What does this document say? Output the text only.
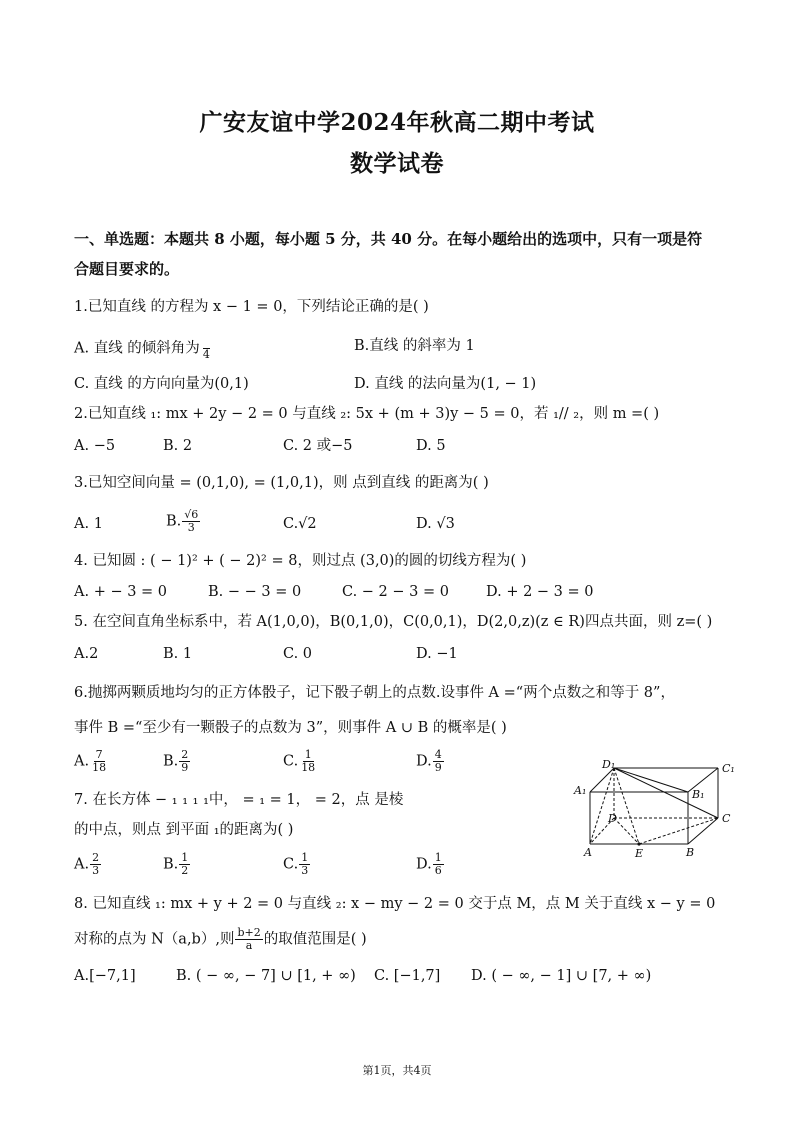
广安友谊中学2024年秋高二期中考试
数学试卷
一、单选题：本题共 8 小题，每小题 5 分，共 40 分。在每小题给出的选项中，只有一项是符
合题目要求的。
1.已知直线 的方程为 x − 1 = 0，下列结论正确的是( )
A. 直线 的倾斜角为
4
B.直线 的斜率为 1
C. 直线 的方向向量为(0,1)	D. 直线 的法向量为(1, − 1)
2.已知直线 ₁: mx + 2y − 2 = 0 与直线 ₂: 5x + (m + 3)y − 5 = 0，若 ₁// ₂，则 m =( )
A. −5	B. 2	C. 2 或−5	D. 5
3.已知空间向量 = (0,1,0), = (1,0,1)，则 点到直线 的距离为( )
A. 1	B. $\frac{√6}{3}$	C.√2	D. √3
4. 已知圆 : ( − 1)² + ( − 2)² = 8，则过点 (3,0)的圆的切线方程为( )
A. + − 3 = 0	B. − − 3 = 0	C. − 2 − 3 = 0	D. + 2 − 3 = 0
5. 在空间直角坐标系中，若 A(1,0,0)，B(0,1,0)，C(0,0,1)，D(2,0,z)(z ∈ R)四点共面，则 z=( )
A.2	B. 1	C. 0	D. −1
6.抛掷两颗质地均匀的正方体骰子，记下骰子朝上的点数.设事件 A =“两个点数之和等于 8”，
事件 B =“至少有一颗骰子的点数为 3”，则事件 A ∪ B 的概率是( )
A. $\frac{7}{18}$	B. $\frac{2}{9}$	C. $\frac{1}{18}$	D. $\frac{4}{9}$
7. 在长方体 − ₁ ₁ ₁ ₁中， = ₁ = 1， = 2，点 是棱
的中点，则点 到平面 ₁的距离为( )
A. $\frac{2}{3}$	B. $\frac{1}{2}$	C. $\frac{1}{3}$	D. $\frac{1}{6}$
D₁	C₁
A₁	B₁
D	C
A	E	B
8. 已知直线 ₁: mx + y + 2 = 0 与直线 ₂: x − my − 2 = 0 交于点 M，点 M 关于直线 x − y = 0
对称的点为 N（a,b）,则 $\frac{b+2}{a}$ 的取值范围是( )
A.[−7,1]	B. ( − ∞, − 7] ∪ [1, + ∞) C. [−1,7] D. ( − ∞, − 1] ∪ [7, + ∞)
第1页，共4页
